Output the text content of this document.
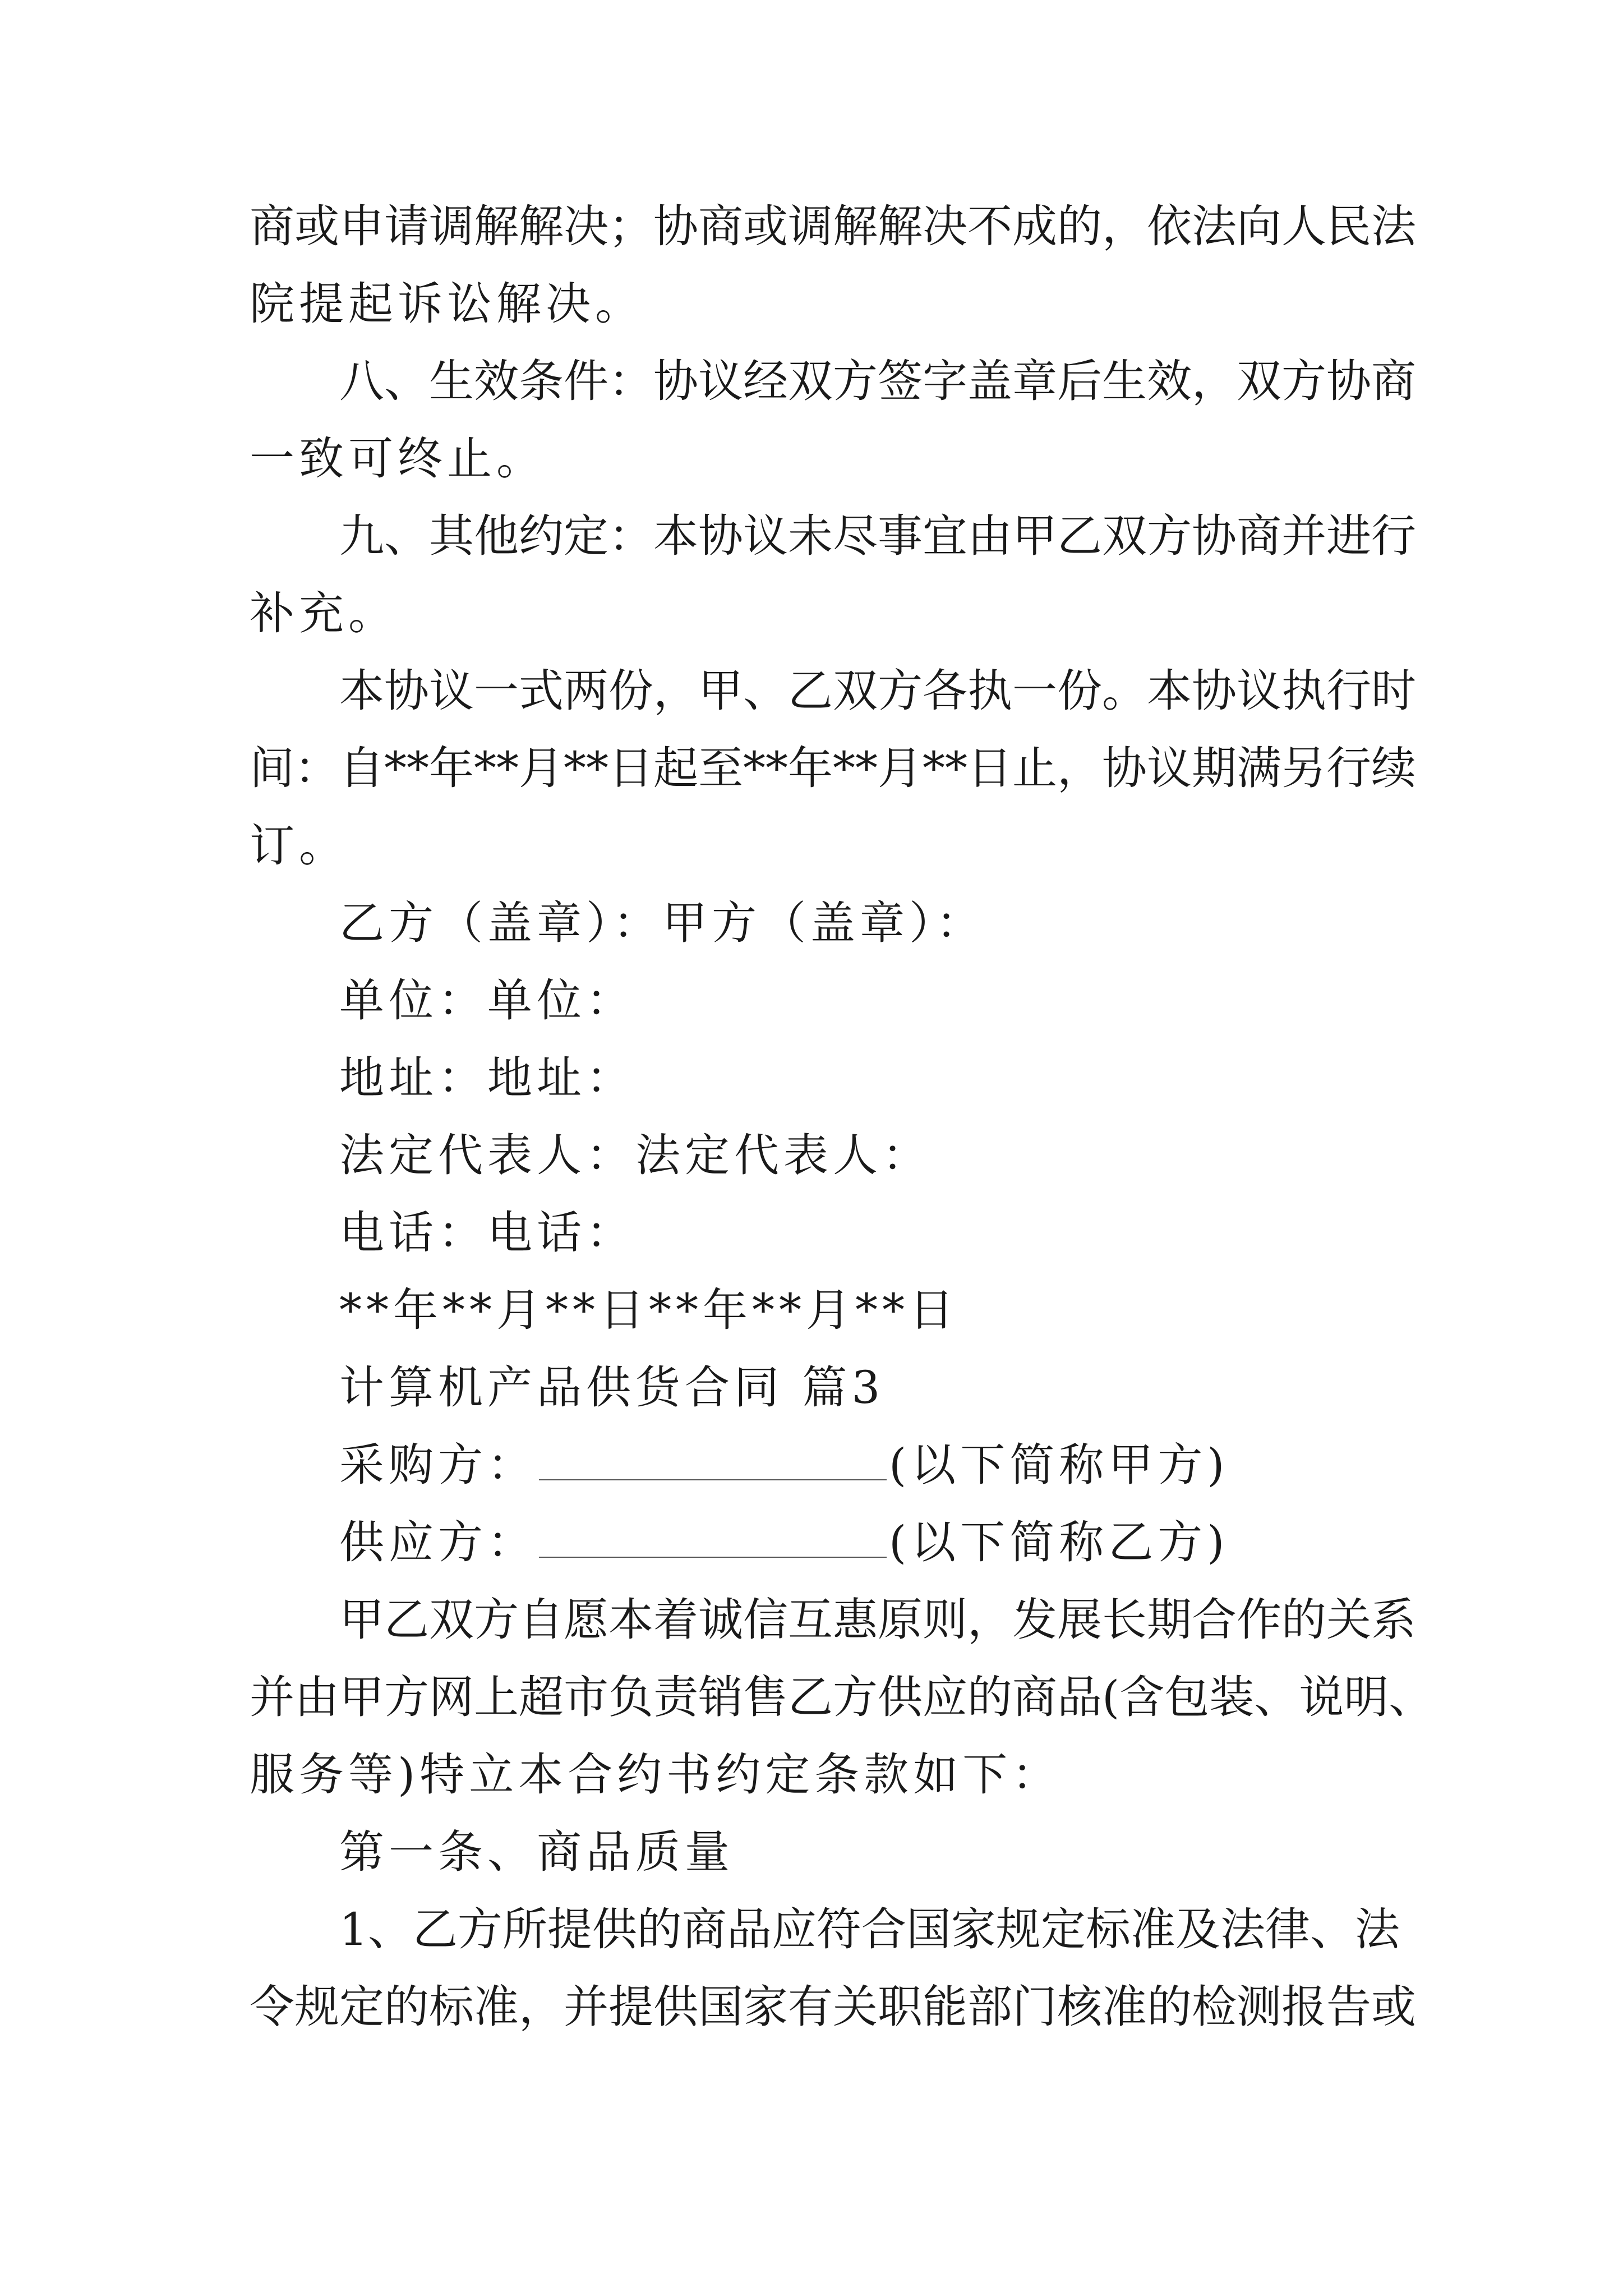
商或申请调解解决；协商或调解解决不成的，依法向人民法
院提起诉讼解决。
八、生效条件：协议经双方签字盖章后生效，双方协商
一致可终止。
九、其他约定：本协议未尽事宜由甲乙双方协商并进行
补充。
本协议一式两份，甲、乙双方各执一份。本协议执行时
间：自**年**月**日起至**年**月**日止，协议期满另行续
订。
乙方（盖章）：甲方（盖章）：
单位：单位：
地址：地址：
法定代表人：法定代表人：
电话：电话：
**年**月**日**年**月**日
计算机产品供货合同 篇3
采购方：	(以下简称甲方)
供应方：	(以下简称乙方)
甲乙双方自愿本着诚信互惠原则，发展长期合作的关系
并由甲方网上超市负责销售乙方供应的商品(含包装、说明、
服务等)特立本合约书约定条款如下：
第一条、商品质量
1、乙方所提供的商品应符合国家规定标准及法律、法
令规定的标准，并提供国家有关职能部门核准的检测报告或
